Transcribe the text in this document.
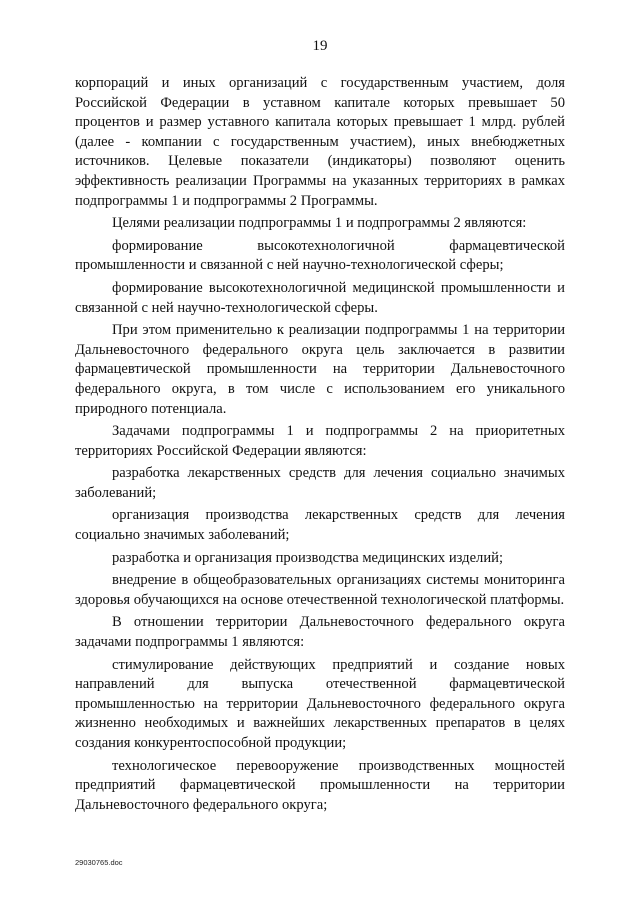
19

корпораций и иных организаций с государственным участием, доля Российской Федерации в уставном капитале которых превышает 50 процентов и размер уставного капитала которых превышает 1 млрд. рублей (далее - компании с государственным участием), иных внебюджетных источников. Целевые показатели (индикаторы) позволяют оценить эффективность реализации Программы на указанных территориях в рамках подпрограммы 1 и подпрограммы 2 Программы.

Целями реализации подпрограммы 1 и подпрограммы 2 являются:

формирование высокотехнологичной фармацевтической промышленности и связанной с ней научно-технологической сферы;

формирование высокотехнологичной медицинской промышленности и связанной с ней научно-технологической сферы.

При этом применительно к реализации подпрограммы 1 на территории Дальневосточного федерального округа цель заключается в развитии фармацевтической промышленности на территории Дальневосточного федерального округа, в том числе с использованием его уникального природного потенциала.

Задачами подпрограммы 1 и подпрограммы 2 на приоритетных территориях Российской Федерации являются:

разработка лекарственных средств для лечения социально значимых заболеваний;

организация производства лекарственных средств для лечения социально значимых заболеваний;

разработка и организация производства медицинских изделий;

внедрение в общеобразовательных организациях системы мониторинга здоровья обучающихся на основе отечественной технологической платформы.

В отношении территории Дальневосточного федерального округа задачами подпрограммы 1 являются:

стимулирование действующих предприятий и создание новых направлений для выпуска отечественной фармацевтической промышленностью на территории Дальневосточного федерального округа жизненно необходимых и важнейших лекарственных препаратов в целях создания конкурентоспособной продукции;

технологическое перевооружение производственных мощностей предприятий фармацевтической промышленности на территории Дальневосточного федерального округа;

29030765.doc
